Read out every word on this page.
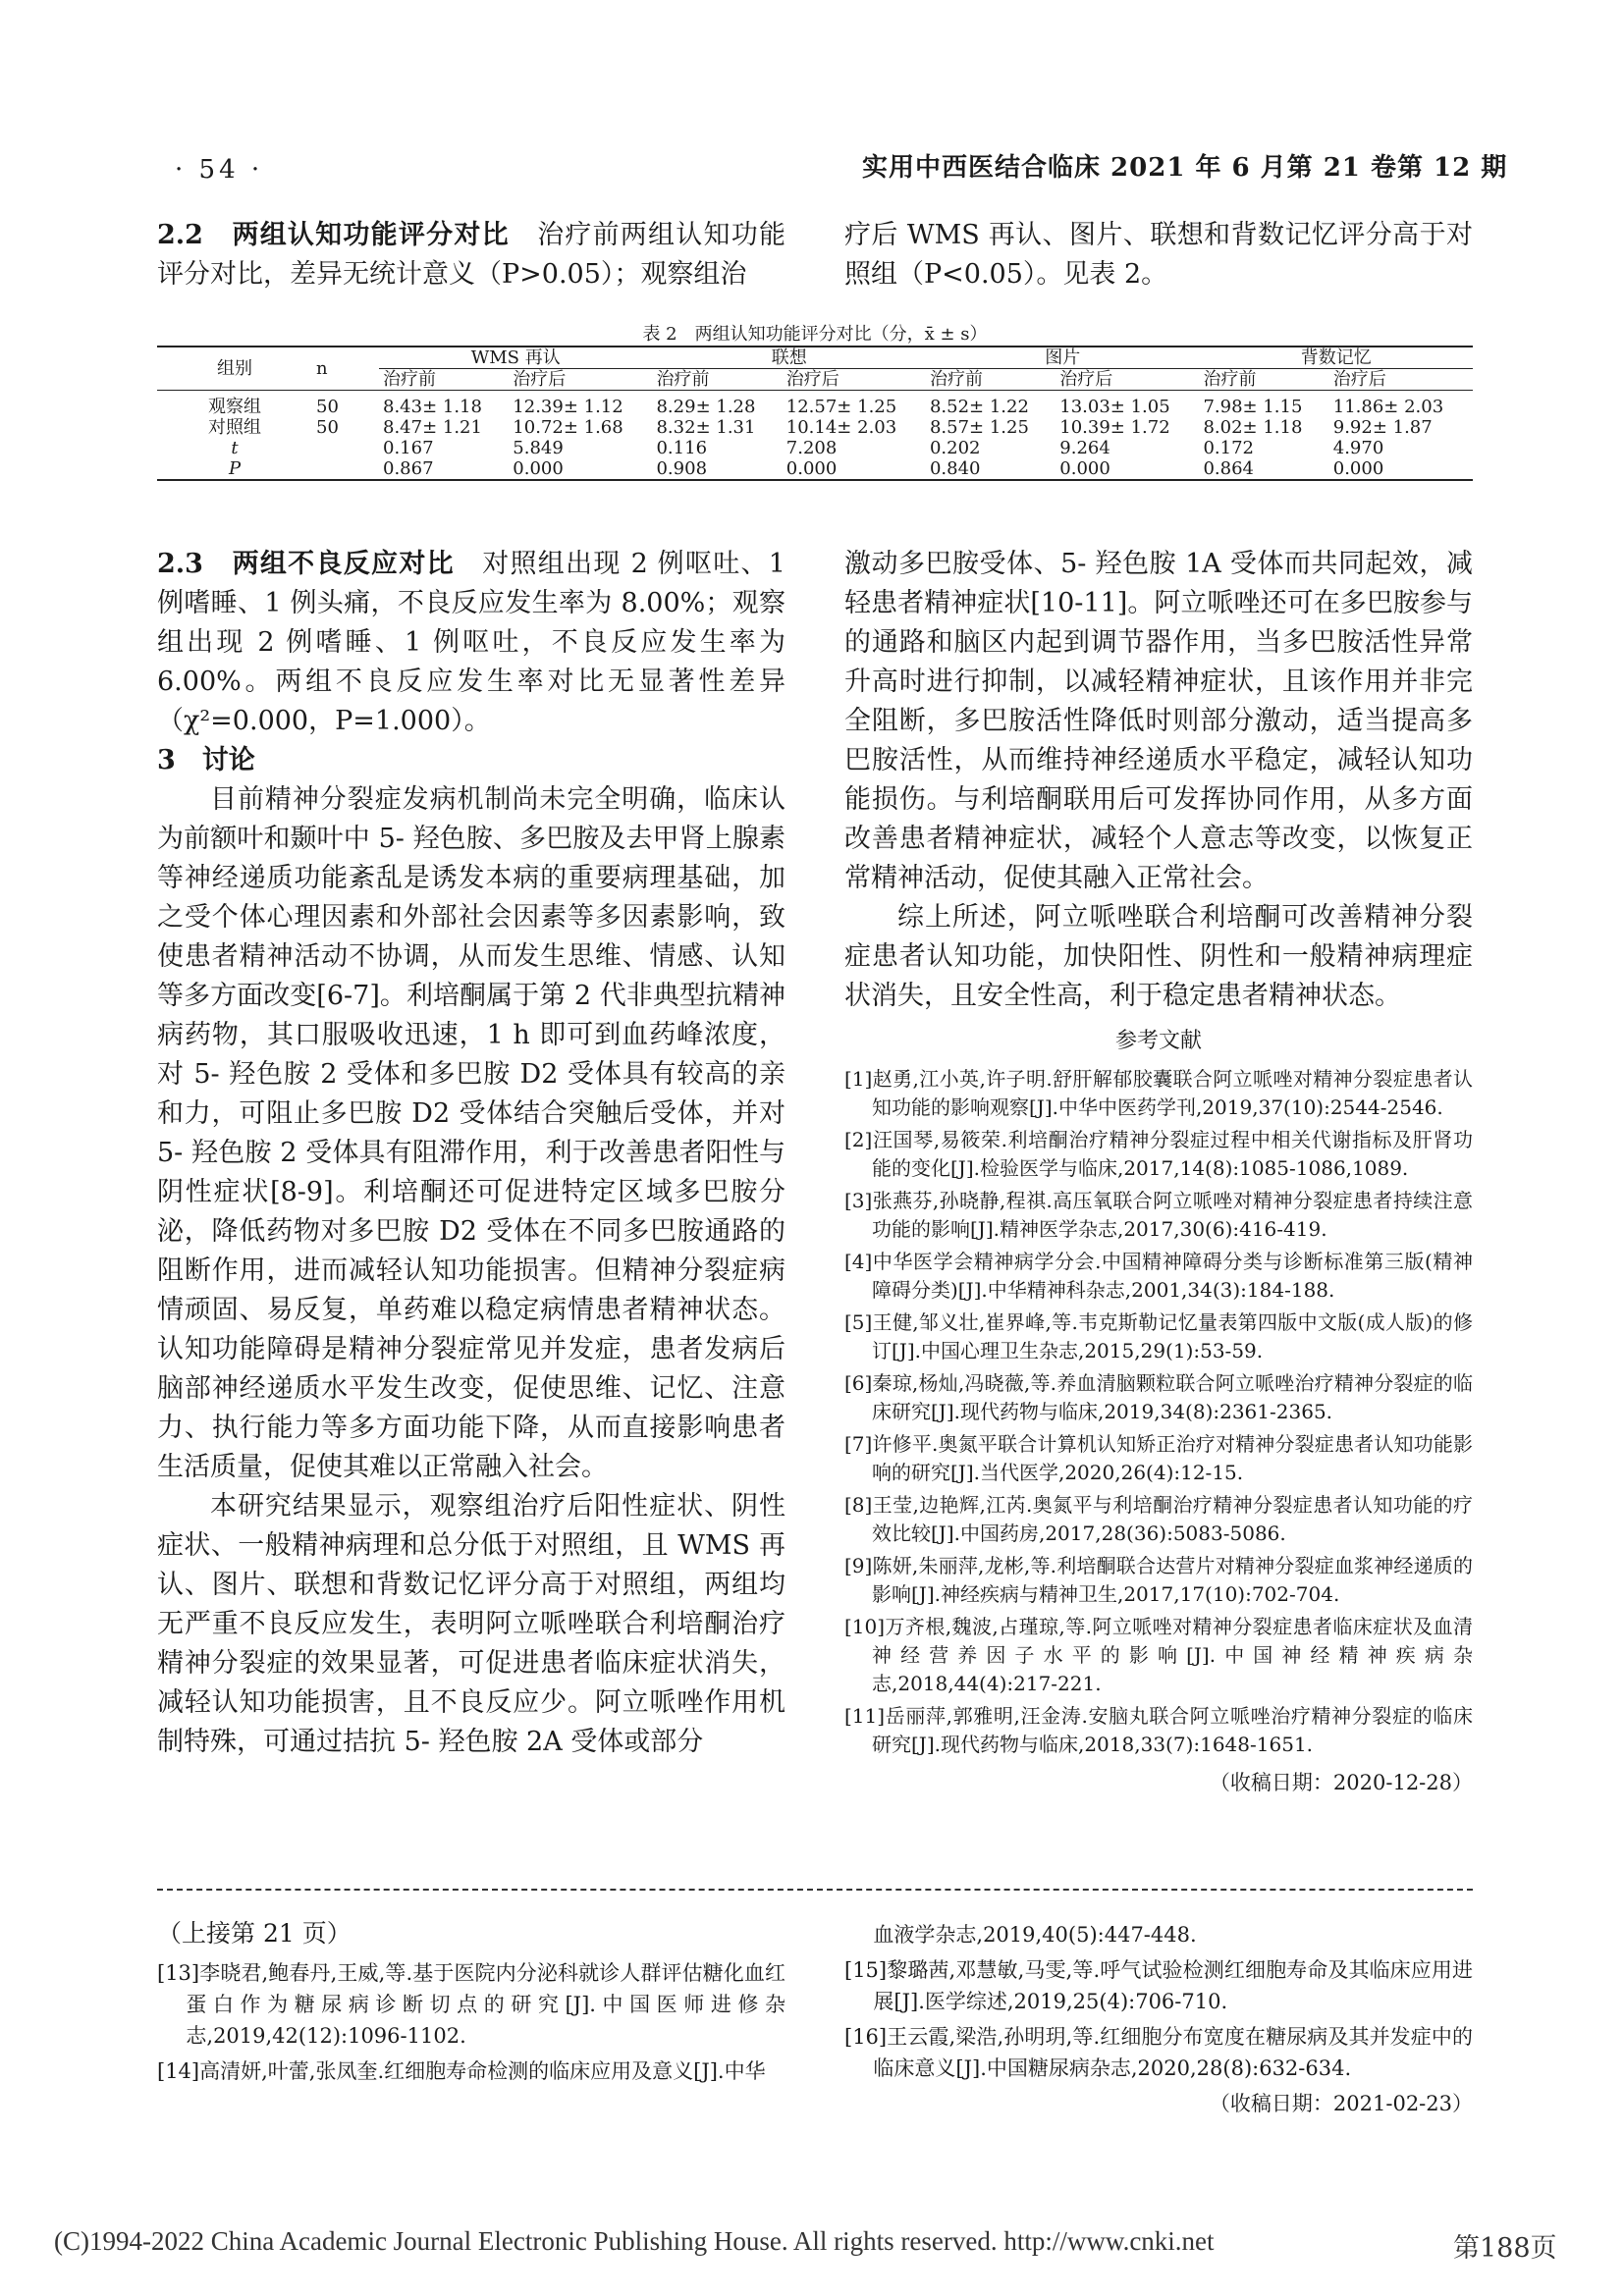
· 54 ·	实用中西医结合临床 2021 年 6 月第 21 卷第 12 期

2.2　两组认知功能评分对比　 治疗前两组认知功能评分对比，差异无统计意义（P>0.05）；观察组治

疗后 WMS 再认、图片、联想和背数记忆评分高于对照组（P<0.05）。见表 2。

表 2　两组认知功能评分对比（分，x̄ ± s）
组别	n	WMS 再认		联想		图片		背数记忆	
		治疗前	治疗后	治疗前	治疗后	治疗前	治疗后	治疗前	治疗后

观察组	50	8.43± 1.18	12.39± 1.12	8.29± 1.28	12.57± 1.25	8.52± 1.22	13.03± 1.05	7.98± 1.15	11.86± 2.03
对照组	50	8.47± 1.21	10.72± 1.68	8.32± 1.31	10.14± 2.03	8.57± 1.25	10.39± 1.72	8.02± 1.18	9.92± 1.87
t		0.167	5.849	0.116	7.208	0.202	9.264	0.172	4.970
P		0.867	0.000	0.908	0.000	0.840	0.000	0.864	0.000

2.3　两组不良反应对比　 对照组出现 2 例呕吐、1 例嗜睡、1 例头痛，不良反应发生率为 8.00%；观察组出现 2 例嗜睡、1 例呕吐，不良反应发生率为 6.00%。两组不良反应发生率对比无显著性差异（χ²=0.000，P=1.000）。

3　讨论

目前精神分裂症发病机制尚未完全明确，临床认为前额叶和颞叶中 5- 羟色胺、多巴胺及去甲肾上腺素等神经递质功能紊乱是诱发本病的重要病理基础，加之受个体心理因素和外部社会因素等多因素影响，致使患者精神活动不协调，从而发生思维、情感、认知等多方面改变[6-7]。利培酮属于第 2 代非典型抗精神病药物，其口服吸收迅速，1 h 即可到血药峰浓度，对 5- 羟色胺 2 受体和多巴胺 D2 受体具有较高的亲和力，可阻止多巴胺 D2 受体结合突触后受体，并对 5- 羟色胺 2 受体具有阻滞作用，利于改善患者阳性与阴性症状[8-9]。利培酮还可促进特定区域多巴胺分泌，降低药物对多巴胺 D2 受体在不同多巴胺通路的阻断作用，进而减轻认知功能损害。但精神分裂症病情顽固、易反复，单药难以稳定病情患者精神状态。认知功能障碍是精神分裂症常见并发症，患者发病后脑部神经递质水平发生改变，促使思维、记忆、注意力、执行能力等多方面功能下降，从而直接影响患者生活质量，促使其难以正常融入社会。

本研究结果显示，观察组治疗后阳性症状、阴性症状、一般精神病理和总分低于对照组，且 WMS 再认、图片、联想和背数记忆评分高于对照组，两组均无严重不良反应发生，表明阿立哌唑联合利培酮治疗精神分裂症的效果显著，可促进患者临床症状消失，减轻认知功能损害，且不良反应少。阿立哌唑作用机制特殊，可通过拮抗 5- 羟色胺 2A 受体或部分

激动多巴胺受体、5- 羟色胺 1A 受体而共同起效，减轻患者精神症状[10-11]。阿立哌唑还可在多巴胺参与的通路和脑区内起到调节器作用，当多巴胺活性异常升高时进行抑制，以减轻精神症状，且该作用并非完全阻断，多巴胺活性降低时则部分激动，适当提高多巴胺活性，从而维持神经递质水平稳定，减轻认知功能损伤。与利培酮联用后可发挥协同作用，从多方面改善患者精神症状，减轻个人意志等改变，以恢复正常精神活动，促使其融入正常社会。

综上所述，阿立哌唑联合利培酮可改善精神分裂症患者认知功能，加快阳性、阴性和一般精神病理症状消失，且安全性高，利于稳定患者精神状态。

参考文献

[1]赵勇,江小英,许子明.舒肝解郁胶囊联合阿立哌唑对精神分裂症患者认知功能的影响观察[J].中华中医药学刊,2019,37(10):2544-2546.

[2]汪国琴,易筱荣.利培酮治疗精神分裂症过程中相关代谢指标及肝肾功能的变化[J].检验医学与临床,2017,14(8):1085-1086,1089.

[3]张燕芬,孙晓静,程祺.高压氧联合阿立哌唑对精神分裂症患者持续注意功能的影响[J].精神医学杂志,2017,30(6):416-419.

[4]中华医学会精神病学分会.中国精神障碍分类与诊断标准第三版(精神障碍分类)[J].中华精神科杂志,2001,34(3):184-188.

[5]王健,邹义壮,崔界峰,等.韦克斯勒记忆量表第四版中文版(成人版)的修订[J].中国心理卫生杂志,2015,29(1):53-59.

[6]秦琼,杨灿,冯晓薇,等.养血清脑颗粒联合阿立哌唑治疗精神分裂症的临床研究[J].现代药物与临床,2019,34(8):2361-2365.

[7]许修平.奥氮平联合计算机认知矫正治疗对精神分裂症患者认知功能影响的研究[J].当代医学,2020,26(4):12-15.

[8]王莹,边艳辉,江芮.奥氮平与利培酮治疗精神分裂症患者认知功能的疗效比较[J].中国药房,2017,28(36):5083-5086.

[9]陈妍,朱丽萍,龙彬,等.利培酮联合达营片对精神分裂症血浆神经递质的影响[J].神经疾病与精神卫生,2017,17(10):702-704.

[10]万齐根,魏波,占瑾琼,等.阿立哌唑对精神分裂症患者临床症状及血清神经营养因子水平的影响[J].中国神经精神疾病杂志,2018,44(4):217-221.

[11]岳丽萍,郭雅明,汪金涛.安脑丸联合阿立哌唑治疗精神分裂症的临床研究[J].现代药物与临床,2018,33(7):1648-1651.

（收稿日期：2020-12-28）
（上接第 21 页）

[13]李晓君,鲍春丹,王威,等.基于医院内分泌科就诊人群评估糖化血红蛋白作为糖尿病诊断切点的研究[J].中国医师进修杂志,2019,42(12):1096-1102.

[14]高清妍,叶蕾,张凤奎.红细胞寿命检测的临床应用及意义[J].中华

血液学杂志,2019,40(5):447-448.

[15]黎璐茜,邓慧敏,马雯,等.呼气试验检测红细胞寿命及其临床应用进展[J].医学综述,2019,25(4):706-710.

[16]王云霞,梁浩,孙明玥,等.红细胞分布宽度在糖尿病及其并发症中的临床意义[J].中国糖尿病杂志,2020,28(8):632-634.

（收稿日期：2021-02-23）
(C)1994-2022 China Academic Journal Electronic Publishing House. All rights reserved. http://www.cnki.net	第188页
